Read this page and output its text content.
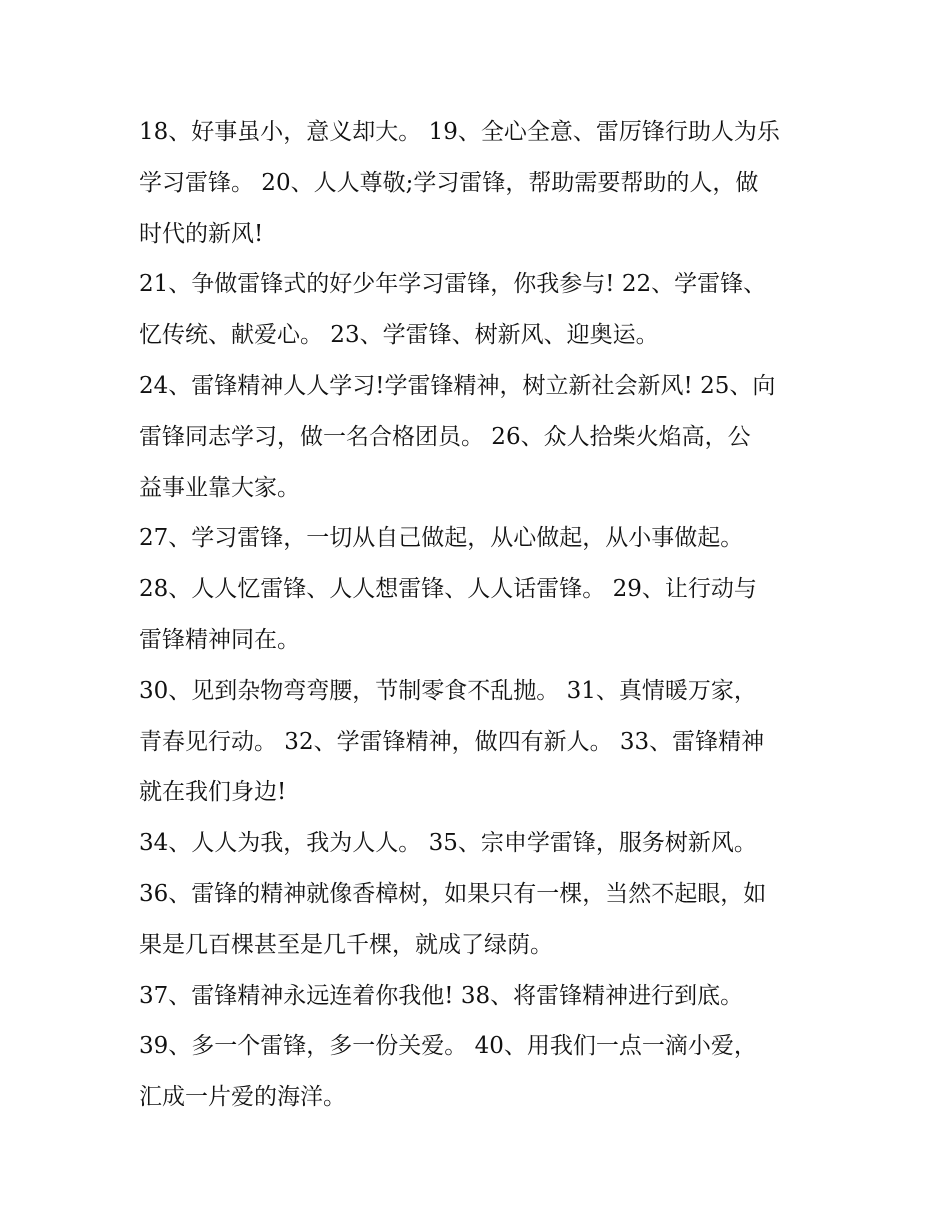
18、好事虽小，意义却大。 19、全心全意、雷厉锋行助人为乐
学习雷锋。 20、人人尊敬;学习雷锋，帮助需要帮助的人，做
时代的新风!

21、争做雷锋式的好少年学习雷锋，你我参与! 22、学雷锋、
忆传统、献爱心。 23、学雷锋、树新风、迎奥运。

24、雷锋精神人人学习!学雷锋精神，树立新社会新风! 25、向
雷锋同志学习，做一名合格团员。 26、众人拾柴火焰高，公
益事业靠大家。

27、学习雷锋，一切从自己做起，从心做起，从小事做起。

28、人人忆雷锋、人人想雷锋、人人话雷锋。 29、让行动与
雷锋精神同在。

30、见到杂物弯弯腰，节制零食不乱抛。 31、真情暖万家，
青春见行动。 32、学雷锋精神，做四有新人。 33、雷锋精神
就在我们身边!

34、人人为我，我为人人。 35、宗申学雷锋，服务树新风。

36、雷锋的精神就像香樟树，如果只有一棵，当然不起眼，如
果是几百棵甚至是几千棵，就成了绿荫。

37、雷锋精神永远连着你我他! 38、将雷锋精神进行到底。

39、多一个雷锋，多一份关爱。 40、用我们一点一滴小爱，
汇成一片爱的海洋。
